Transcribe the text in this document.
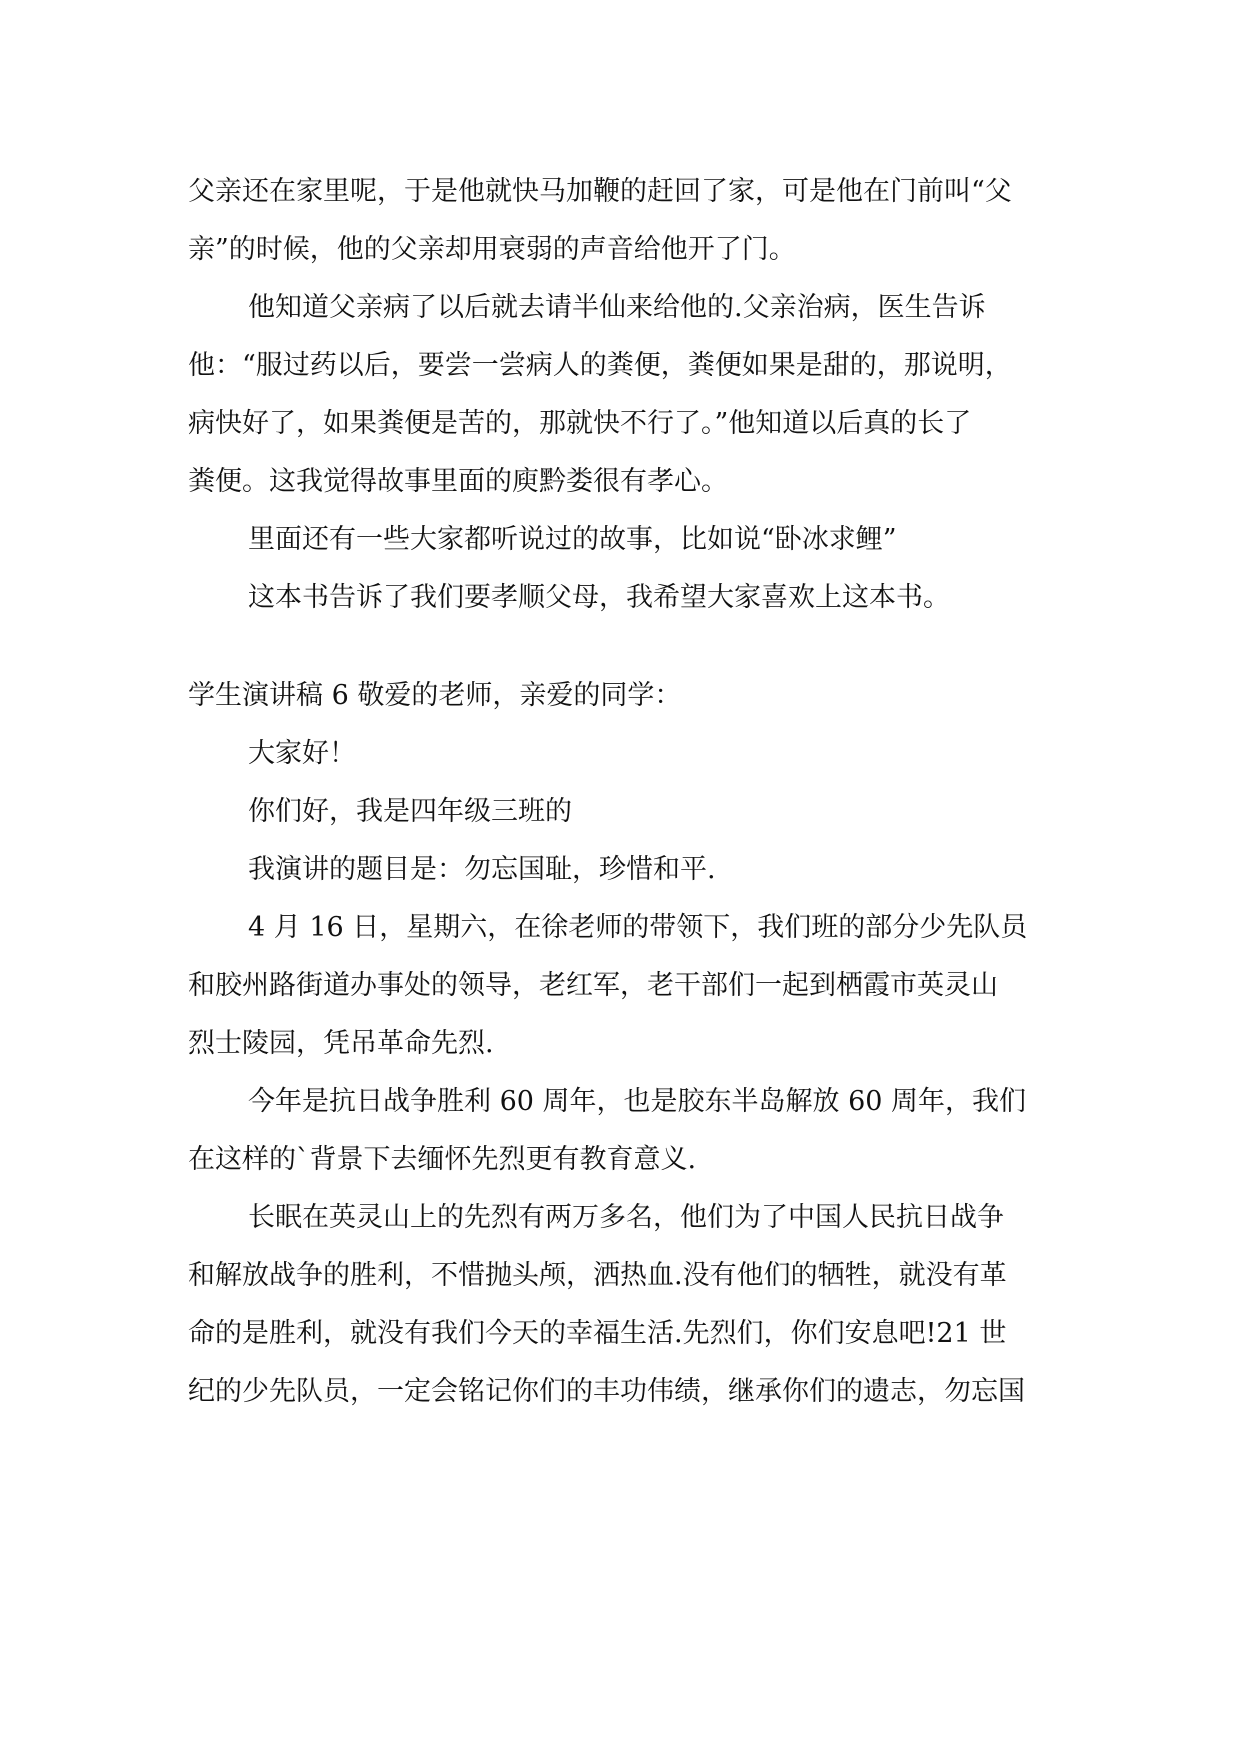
父亲还在家里呢，于是他就快马加鞭的赶回了家，可是他在门前叫“父
亲”的时候，他的父亲却用衰弱的声音给他开了门。
他知道父亲病了以后就去请半仙来给他的.父亲治病，医生告诉
他：“服过药以后，要尝一尝病人的粪便，粪便如果是甜的，那说明，
病快好了，如果粪便是苦的，那就快不行了。”他知道以后真的长了
粪便。这我觉得故事里面的庾黔娄很有孝心。
里面还有一些大家都听说过的故事，比如说“卧冰求鲤”
这本书告诉了我们要孝顺父母，我希望大家喜欢上这本书。
学生演讲稿 6 敬爱的老师，亲爱的同学：
大家好！
你们好，我是四年级三班的
我演讲的题目是：勿忘国耻，珍惜和平.
4 月 16 日，星期六，在徐老师的带领下，我们班的部分少先队员
和胶州路街道办事处的领导，老红军，老干部们一起到栖霞市英灵山
烈士陵园，凭吊革命先烈.
今年是抗日战争胜利 60 周年，也是胶东半岛解放 60 周年，我们
在这样的`背景下去缅怀先烈更有教育意义.
长眠在英灵山上的先烈有两万多名，他们为了中国人民抗日战争
和解放战争的胜利，不惜抛头颅，洒热血.没有他们的牺牲，就没有革
命的是胜利，就没有我们今天的幸福生活.先烈们，你们安息吧!21 世
纪的少先队员，一定会铭记你们的丰功伟绩，继承你们的遗志，勿忘国
